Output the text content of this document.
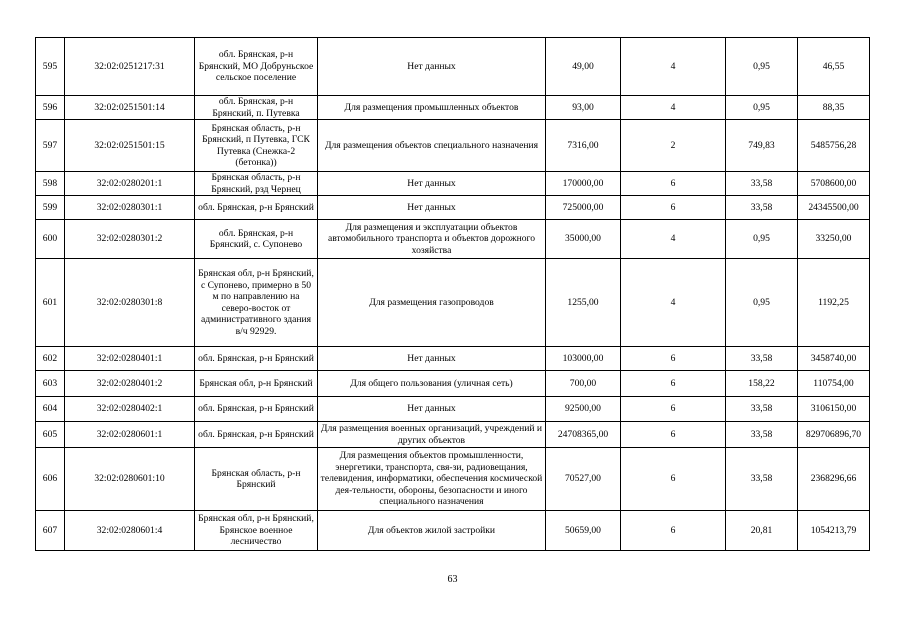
595	32:02:0251217:31	обл. Брянская, р-н Брянский, МО Добруньское сельское поселение	Нет данных	49,00	4	0,95	46,55
596	32:02:0251501:14	обл. Брянская, р-н Брянский, п. Путевка	Для размещения промышленных объектов	93,00	4	0,95	88,35
597	32:02:0251501:15	Брянская область, р-н Брянский, п Путевка, ГСК Путевка (Снежка-2 (бетонка))	Для размещения объектов специального назначения	7316,00	2	749,83	5485756,28
598	32:02:0280201:1	Брянская область, р-н Брянский, рзд Чернец	Нет данных	170000,00	6	33,58	5708600,00
599	32:02:0280301:1	обл. Брянская, р-н Брянский	Нет данных	725000,00	6	33,58	24345500,00
600	32:02:0280301:2	обл. Брянская, р-н Брянский, с. Супонево	Для размещения и эксплуатации объектов автомобильного транспорта и объектов дорожного хозяйства	35000,00	4	0,95	33250,00
601	32:02:0280301:8	Брянская обл, р-н Брянский, с Супонево, примерно в 50 м по направлению на северо-восток от административного здания в/ч 92929.	Для размещения газопроводов	1255,00	4	0,95	1192,25
602	32:02:0280401:1	обл. Брянская, р-н Брянский	Нет данных	103000,00	6	33,58	3458740,00
603	32:02:0280401:2	Брянская обл, р-н Брянский	Для общего пользования (уличная сеть)	700,00	6	158,22	110754,00
604	32:02:0280402:1	обл. Брянская, р-н Брянский	Нет данных	92500,00	6	33,58	3106150,00
605	32:02:0280601:1	обл. Брянская, р-н Брянский	Для размещения военных организаций, учреждений и других объектов	24708365,00	6	33,58	829706896,70
606	32:02:0280601:10	Брянская область, р-н Брянский	Для размещения объектов промышленности, энергетики, транспорта, свя-зи, радиовещания, телевидения, информатики, обеспечения космической дея-тельности, обороны, безопасности и иного специального назначения	70527,00	6	33,58	2368296,66
607	32:02:0280601:4	Брянская обл, р-н Брянский, Брянское военное лесничество	Для объектов жилой застройки	50659,00	6	20,81	1054213,79
63
